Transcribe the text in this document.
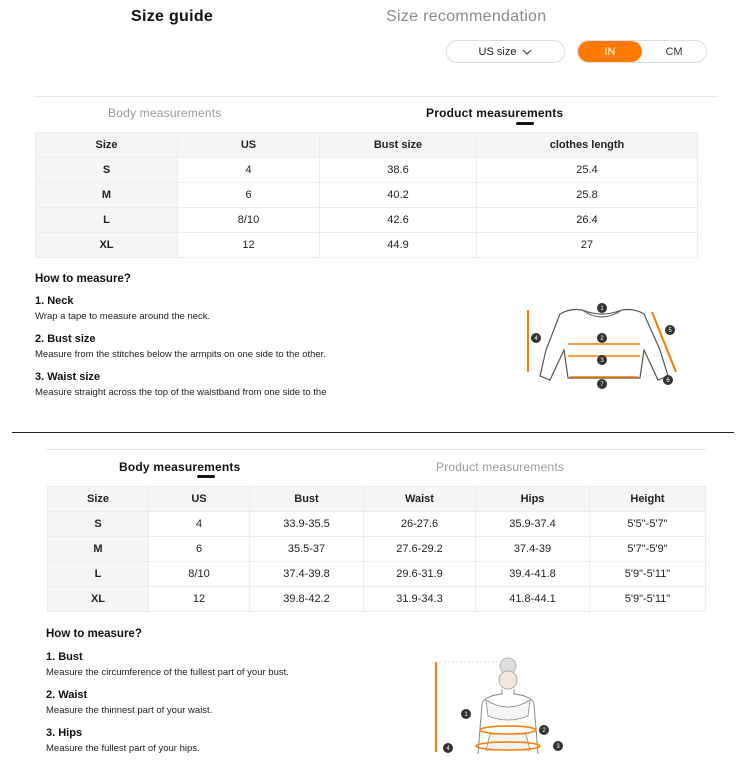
Size guide	Size recommendation
US size	IN	CM
Body measurements	Product measurements
Size	US	Bust size	clothes length
S	4	38.6	25.4
M	6	40.2	25.8
L	8/10	42.6	26.4
XL	12	44.9	27
How to measure?
1. Neck
Wrap a tape to measure around the neck.
2. Bust size
Measure from the stitches below the armpits on one side to the other.
3. Waist size
Measure straight across the top of the waistband from one side to the
1
2
3
4
5
6
7
Body measurements	Product measurements
Size	US	Bust	Waist	Hips	Height
S	4	33.9-35.5	26-27.6	35.9-37.4	5'5"-5'7"
M	6	35.5-37	27.6-29.2	37.4-39	5'7"-5'9"
L	8/10	37.4-39.8	29.6-31.9	39.4-41.8	5'9"-5'11"
XL	12	39.8-42.2	31.9-34.3	41.8-44.1	5'9"-5'11"
How to measure?
1. Bust
Measure the circumference of the fullest part of your bust.
2. Waist
Measure the thinnest part of your waist.
3. Hips
Measure the fullest part of your hips.
1
2
3
4
